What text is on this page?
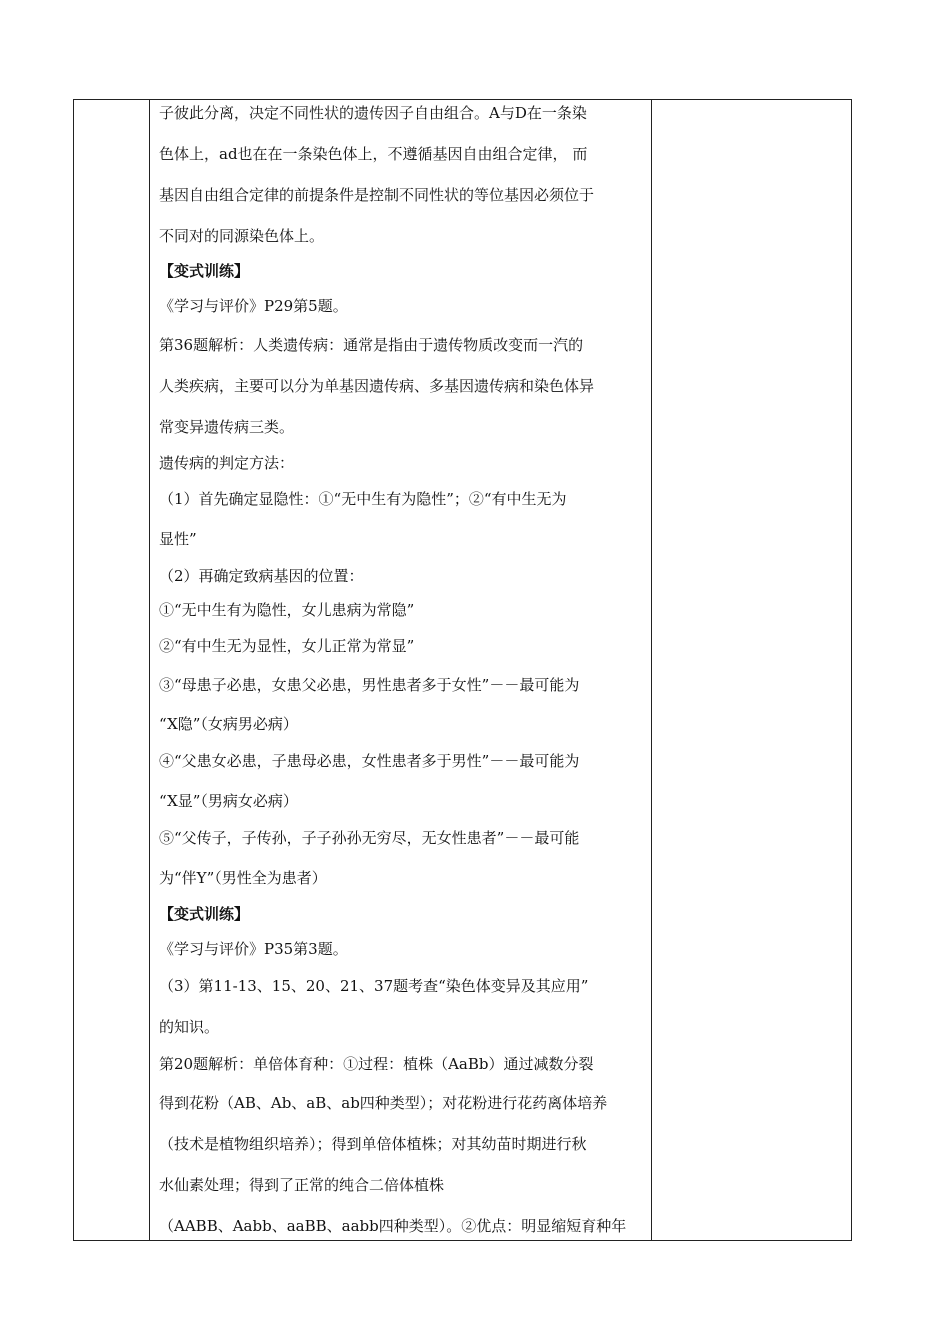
子彼此分离，决定不同性状的遗传因子自由组合。A与D在一条染
色体上，ad也在在一条染色体上，不遵循基因自由组合定律， 而
基因自由组合定律的前提条件是控制不同性状的等位基因必须位于
不同对的同源染色体上。
【变式训练】
《学习与评价》P29第5题。
第36题解析：人类遗传病：通常是指由于遗传物质改变而一汽的
人类疾病，主要可以分为单基因遗传病、多基因遗传病和染色体异
常变异遗传病三类。
遗传病的判定方法：
（1）首先确定显隐性：①“无中生有为隐性”；②“有中生无为
显性”
（2）再确定致病基因的位置：
①“无中生有为隐性，女儿患病为常隐”
②“有中生无为显性，女儿正常为常显”
③“母患子必患，女患父必患，男性患者多于女性”－－最可能为
“X隐”（女病男必病）
④“父患女必患，子患母必患，女性患者多于男性”－－最可能为
“X显”（男病女必病）
⑤“父传子，子传孙，子子孙孙无穷尽，无女性患者”－－最可能
为“伴Y”（男性全为患者）
【变式训练】
《学习与评价》P35第3题。
（3）第11-13、15、20、21、37题考查“染色体变异及其应用”
的知识。
第20题解析：单倍体育种：①过程：植株（AaBb）通过减数分裂
得到花粉（AB、Ab、aB、ab四种类型）；对花粉进行花药离体培养
（技术是植物组织培养）；得到单倍体植株；对其幼苗时期进行秋
水仙素处理；得到了正常的纯合二倍体植株
（AABB、Aabb、aaBB、aabb四种类型）。②优点：明显缩短育种年
